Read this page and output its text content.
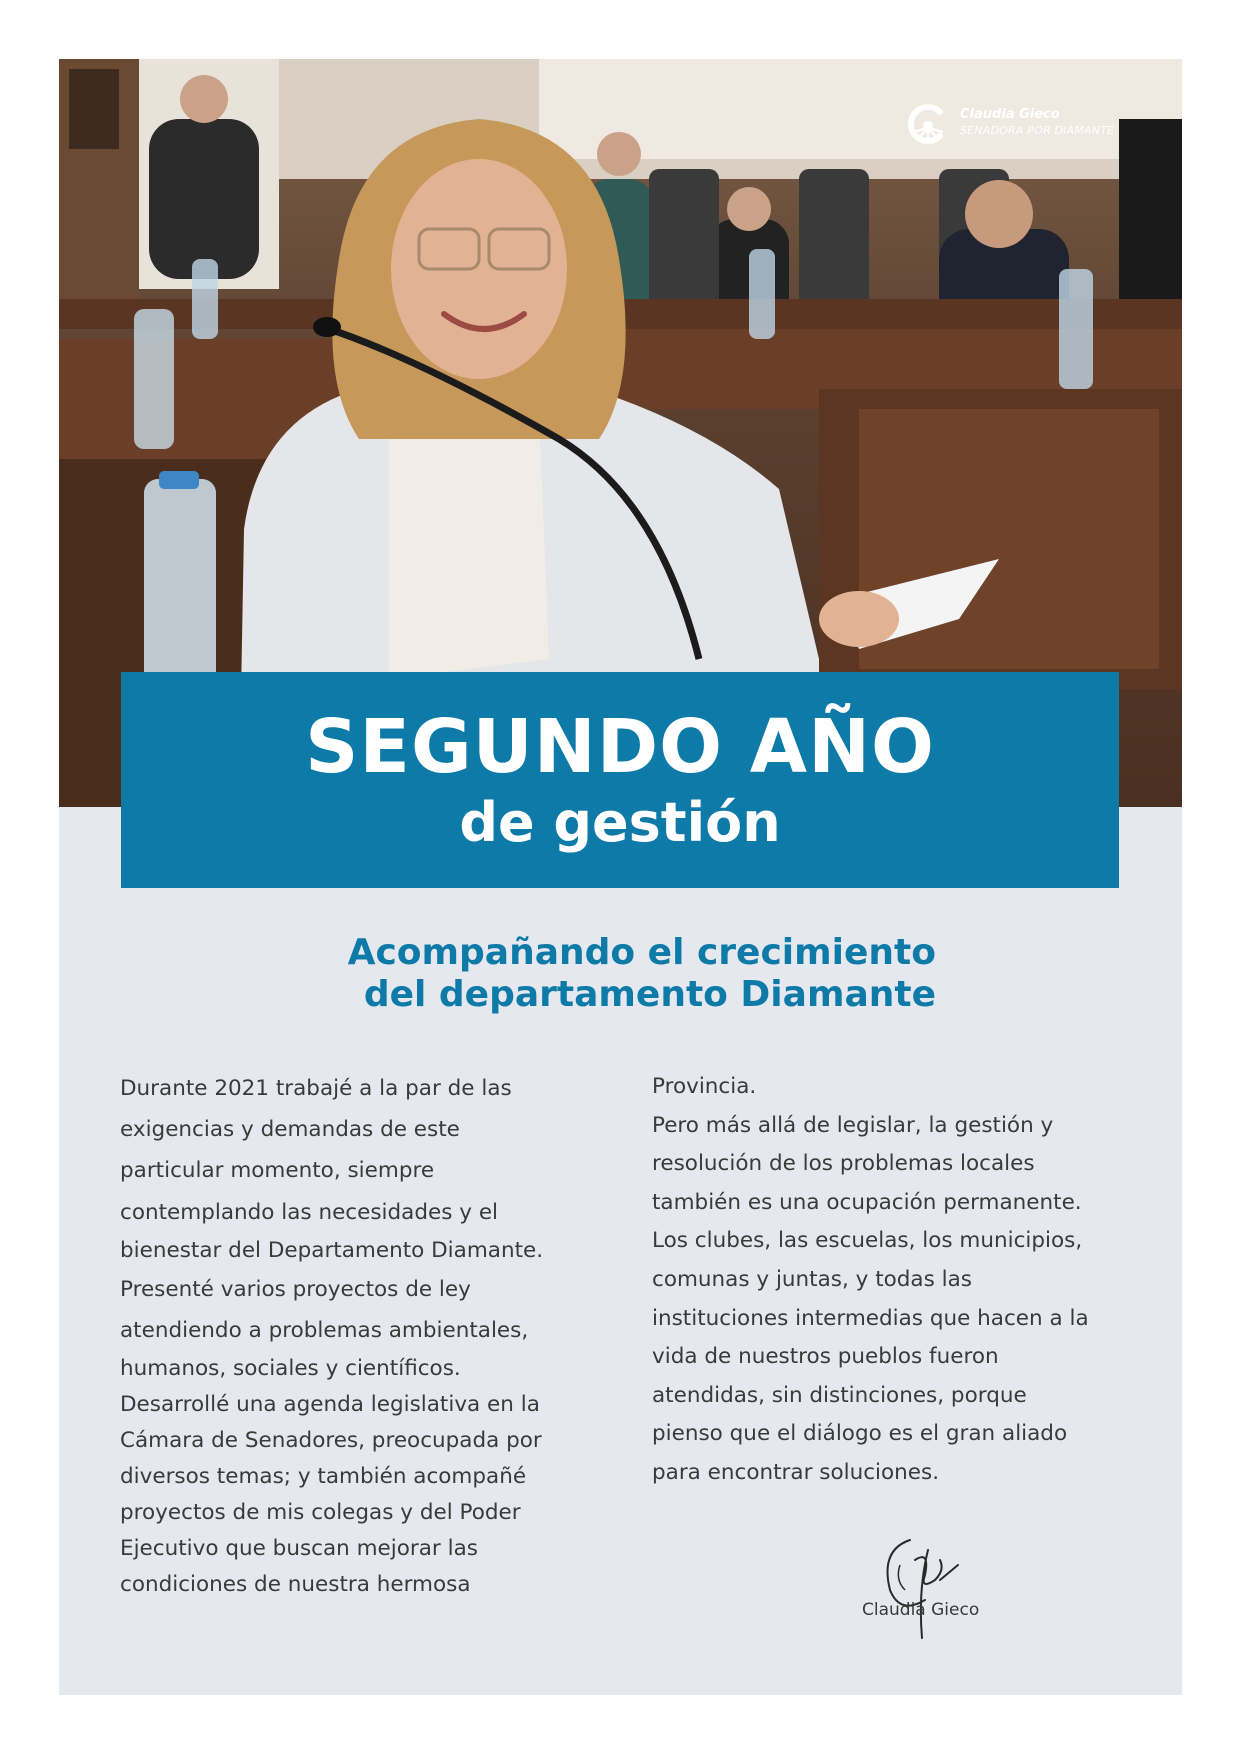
Claudia Gieco
SENADORA POR DIAMANTE
SEGUNDO AÑO
de gestión
Acompañando el crecimiento
del departamento Diamante
Durante 2021 trabajé a la par de las
exigencias y demandas de este
particular momento, siempre
contemplando las necesidades y el
bienestar del Departamento Diamante.
Presenté varios proyectos de ley
atendiendo a problemas ambientales,
humanos, sociales y científicos.
Desarrollé una agenda legislativa en la
Cámara de Senadores, preocupada por
diversos temas; y también acompañé
proyectos de mis colegas y del Poder
Ejecutivo que buscan mejorar las
condiciones de nuestra hermosa
Provincia.
Pero más allá de legislar, la gestión y
resolución de los problemas locales
también es una ocupación permanente.
Los clubes, las escuelas, los municipios,
comunas y juntas, y todas las
instituciones intermedias que hacen a la
vida de nuestros pueblos fueron
atendidas, sin distinciones, porque
pienso que el diálogo es el gran aliado
para encontrar soluciones.
Claudia Gieco
